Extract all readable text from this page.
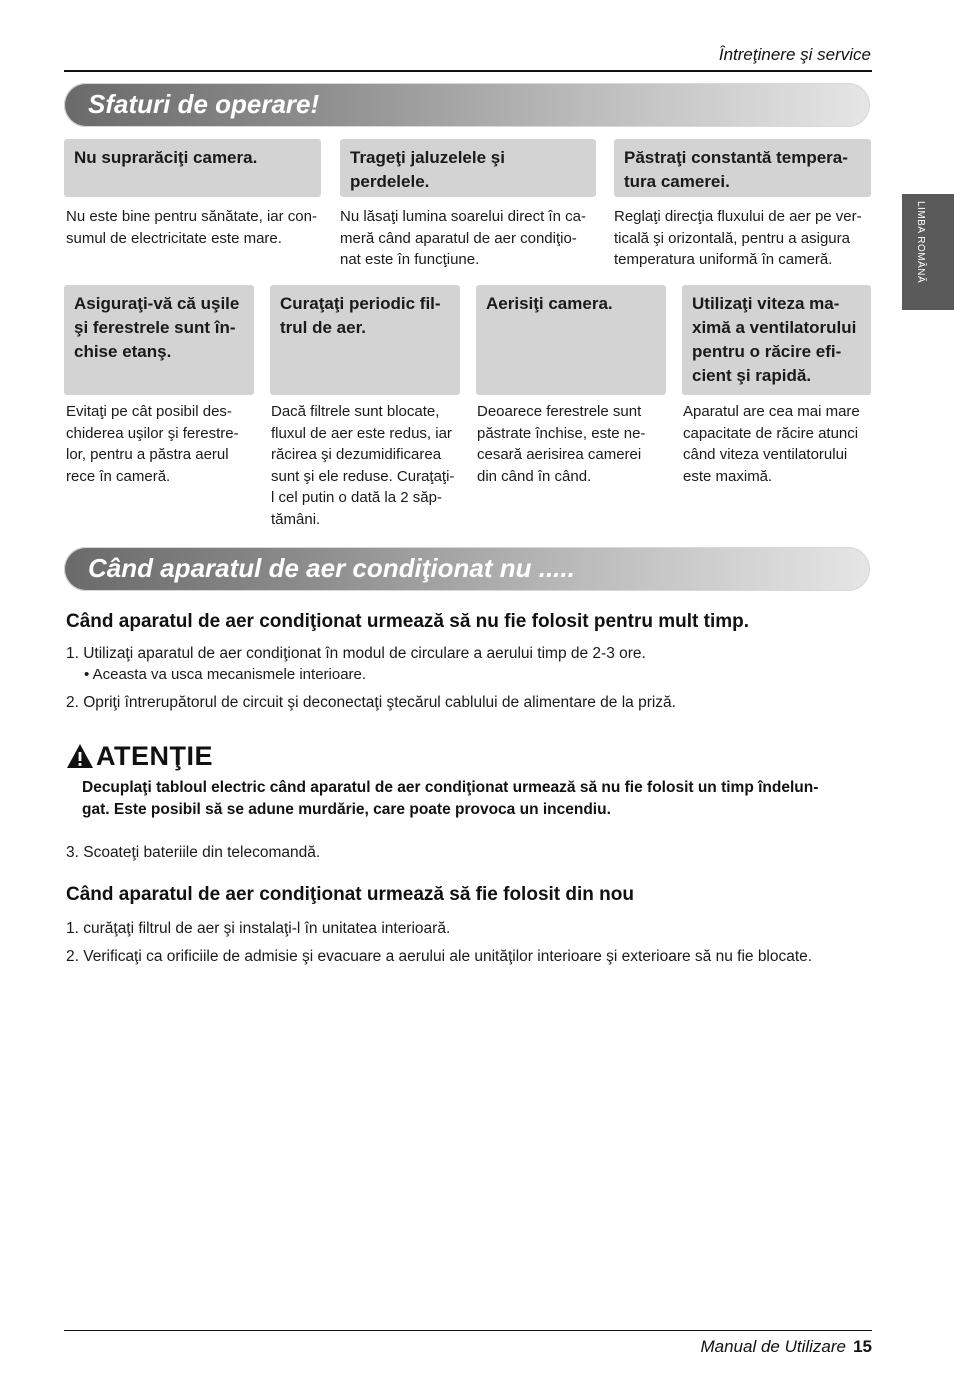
Întreţinere şi service
LIMBA ROMÂNĂ
Sfaturi de operare!
Nu suprarăciţi camera.	Trageţi jaluzelele şi perdelele.
Păstraţi constantă tempera-
tura camerei.
Nu este bine pentru sănătate, iar con-
sumul de electricitate este mare.
Nu lăsaţi lumina soarelui direct în ca-
meră când aparatul de aer condiţio-
nat este în funcţiune.
Reglaţi direcţia fluxului de aer pe ver-
ticală şi orizontală, pentru a asigura
temperatura uniformă în cameră.
Asiguraţi-vă că uşile
şi ferestrele sunt în-
chise etanş.
Curaţaţi periodic fil-
trul de aer.
Aerisiţi camera.	Utilizaţi viteza ma-
ximă a ventilatorului
pentru o răcire efi-
cient şi rapidă.
Evitaţi pe cât posibil des-
chiderea uşilor şi ferestre-
lor, pentru a păstra aerul
rece în cameră.
Dacă filtrele sunt blocate,
fluxul de aer este redus, iar
răcirea şi dezumidificarea
sunt şi ele reduse. Curaţaţi-
l cel putin o dată la 2 săp-
tămâni.
Deoarece ferestrele sunt
păstrate închise, este ne-
cesară aerisirea camerei
din când în când.
Aparatul are cea mai mare
capacitate de răcire atunci
când viteza ventilatorului
este maximă.
Când aparatul de aer condiţionat nu .....
Când aparatul de aer condiţionat urmează să nu fie folosit pentru mult timp.
1. Utilizaţi aparatul de aer condiţionat în modul de circulare a aerului timp de 2-3 ore.
• Aceasta va usca mecanismele interioare.
2. Opriţi întrerupătorul de circuit şi deconectaţi ştecărul cablului de alimentare de la priză.
ATENŢIE
Decuplaţi tabloul electric când aparatul de aer condiţionat urmează să nu fie folosit un timp îndelun-
gat. Este posibil să se adune murdărie, care poate provoca un incendiu.
3. Scoateţi bateriile din telecomandă.
Când aparatul de aer condiţionat urmează să fie folosit din nou
1. curăţaţi filtrul de aer şi instalaţi-l în unitatea interioară.
2. Verificaţi ca orificiile de admisie şi evacuare a aerului ale unităţilor interioare şi exterioare să nu fie blocate.
Manual de Utilizare 15
